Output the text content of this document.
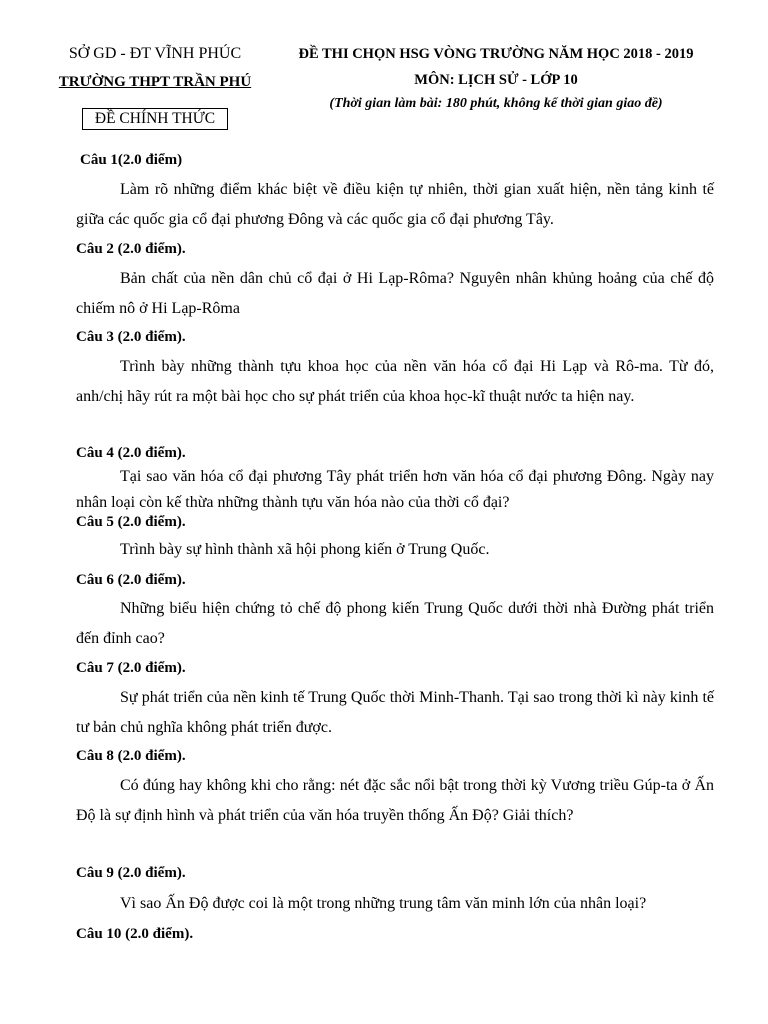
SỞ GD - ĐT VĨNH PHÚC
TRƯỜNG THPT TRẦN PHÚ
ĐỀ CHÍNH THỨC
ĐỀ THI CHỌN HSG VÒNG TRƯỜNG NĂM HỌC 2018 - 2019
MÔN: LỊCH SỬ - LỚP 10
(Thời gian làm bài: 180 phút, không kể thời gian giao đề)
Câu 1(2.0 điểm)
Làm rõ những điểm khác biệt về điều kiện tự nhiên, thời gian xuất hiện, nền tảng kinh tế giữa các quốc gia cổ đại phương Đông và các quốc gia cổ đại phương Tây.
Câu 2 (2.0 điểm).
Bản chất của nền dân chủ cổ đại ở Hi Lạp-Rôma? Nguyên nhân khủng hoảng của chế độ chiếm nô ở Hi Lạp-Rôma
Câu 3 (2.0 điểm).
Trình bày những thành tựu khoa học của nền văn hóa cổ đại Hi Lạp và Rô-ma. Từ đó, anh/chị hãy rút ra một bài học cho sự phát triển của khoa học-kĩ thuật nước ta hiện nay.
Câu 4 (2.0 điểm).
Tại sao văn hóa cổ đại phương Tây phát triển hơn văn hóa cổ đại phương Đông. Ngày nay nhân loại còn kế thừa những thành tựu văn hóa nào của thời cổ đại?
Câu 5 (2.0 điểm).
Trình bày sự hình thành xã hội phong kiến ở Trung Quốc.
Câu 6 (2.0 điểm).
Những biểu hiện chứng tỏ chế độ phong kiến Trung Quốc dưới thời nhà Đường phát triển đến đỉnh cao?
Câu 7 (2.0 điểm).
Sự phát triển của nền kinh tế Trung Quốc thời Minh-Thanh. Tại sao trong thời kì này kinh tế tư bản chủ nghĩa không phát triển được.
Câu 8 (2.0 điểm).
Có đúng hay không khi cho rằng: nét đặc sắc nổi bật trong thời kỳ Vương triều Gúp-ta ở Ấn Độ là sự định hình và phát triển của văn hóa truyền thống Ấn Độ? Giải thích?
Câu 9 (2.0 điểm).
Vì sao Ấn Độ được coi là một trong những trung tâm văn minh lớn của nhân loại?
Câu 10 (2.0 điểm).
